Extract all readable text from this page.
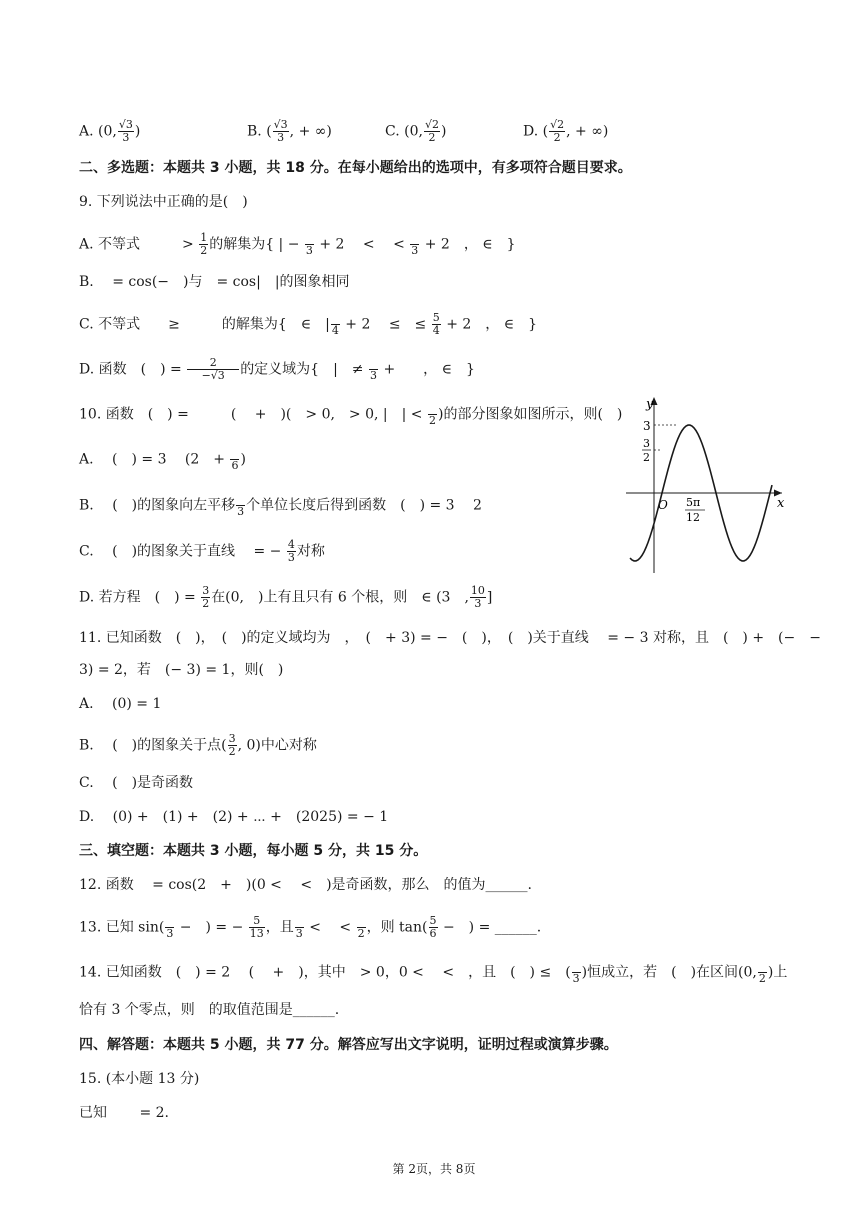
A. (0, $\frac{√3}{3}$ )	B. ( $\frac{√3}{3}$ , + ∞)	C. (0, $\frac{√2}{2}$ )	D. ( $\frac{√2}{2}$ , + ∞)
二、多选题：本题共 3 小题，共 18 分。在每小题给出的选项中，有多项符合题目要求。
9. 下列说法中正确的是(　)
A. 不等式　　　	> $\frac{1}{2}$ 的解集为{ | −
3 + 2　 <　 <
3 + 2　， ∈　}
B. 　= cos(−　)与　= cos|　|的图象相同
C. 不等式　　≥　　　的解集为{　∈　|
4 + 2　 ≤　≤ $\frac{5}{4} + 2$　， ∈　}
D. 函数　(　) = $\frac{2}{-√3}$ 的定义域为{　|　≠
3 +　　， ∈　}
10. 函数　(　) =　　　(　 +　)(　> 0,　> 0, |　| <
2 )的部分图象如图所示，则(　)
A. 　(　) = 3　 (2　+
6 )
B. 　(　)的图象向左平移
3 个单位长度后得到函数　(　) = 3　 2
C. 　(　)的图象关于直线　 = − $\frac{4}{3}$ 对称
D. 若方程　(　) = $\frac{3}{2}$ 在(0,　)上有且只有 6 个根，则　∈ (3　, $\frac{10}{3}$ ]
y
x
O
3
3
2
5π
12
11. 已知函数　(　)，　(　)的定义域均为　，　(　+ 3) = −　(　)，　(　)关于直线　 = − 3 对称，且　(　) +　(−　−
3) = 2，若　(− 3) = 1，则(　)
A. 　(0) = 1
B. 　(　)的图象关于点( $\frac{3}{2}$ , 0)中心对称
C. 　(　)是奇函数
D. 　(0) +　(1) +　(2) + ⋯ +　(2025) = − 1
三、填空题：本题共 3 小题，每小题 5 分，共 15 分。
12. 函数　 = cos(2　+　)(0 <　 <　)是奇函数，那么　的值为______.
13. 已知 sin(
3 −　) = − $\frac{5}{13}$ ，且
3 <　 <
2 ，则 $\tan( \frac{5}{6}$ −　) = ______.
14. 已知函数　(　) = 2　 (　 +　)，其中　> 0，0 <　 <　，且　(　) ≤　(
3 )恒成立，若　(　)在区间(0,
2 )上
恰有 3 个零点，则　的取值范围是______.
四、解答题：本题共 5 小题，共 77 分。解答应写出文字说明，证明过程或演算步骤。
15. (本小题 13 分)
已知　　 = 2.
第 2页，共 8页
